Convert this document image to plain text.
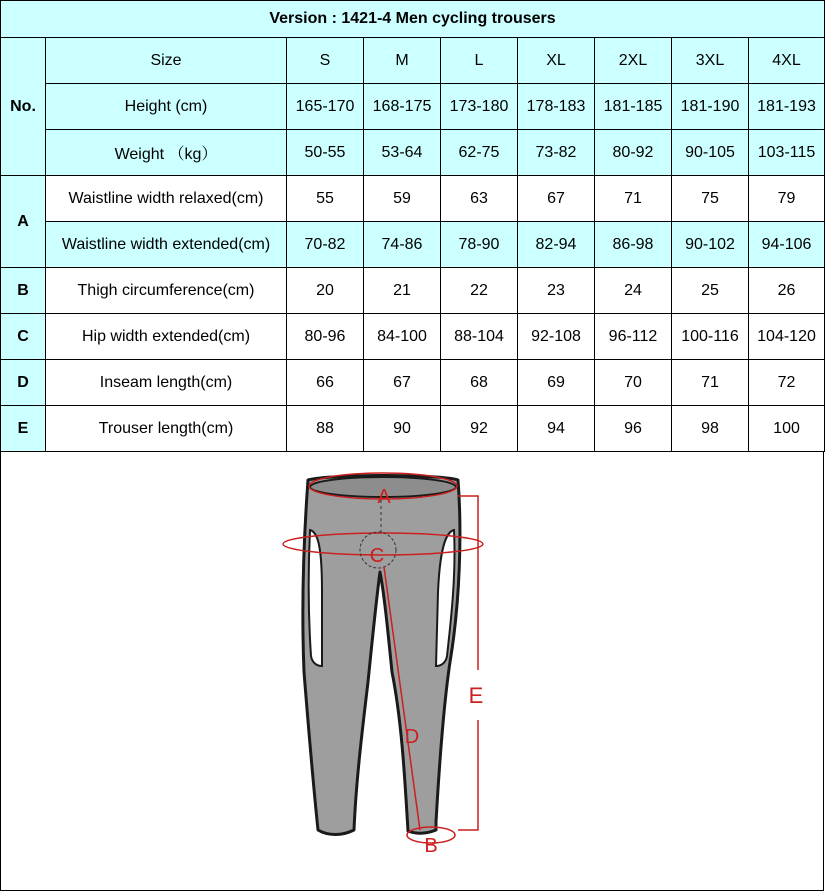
Version : 1421-4 Men cycling trousers								
No.	Size	S	M	L	XL	2XL	3XL	4XL
	Height (cm)	165-170	168-175	173-180	178-183	181-185	181-190	181-193
	Weight （kg）	50-55	53-64	62-75	73-82	80-92	90-105	103-115
A	Waistline width relaxed(cm)	55	59	63	67	71	75	79
	Waistline width extended(cm)	70-82	74-86	78-90	82-94	86-98	90-102	94-106
B	Thigh circumference(cm)	20	21	22	23	24	25	26
C	Hip width extended(cm)	80-96	84-100	88-104	92-108	96-112	100-116	104-120
D	Inseam length(cm)	66	67	68	69	70	71	72
E	Trouser length(cm)	88	90	92	94	96	98	100
A
C
D
E
B
